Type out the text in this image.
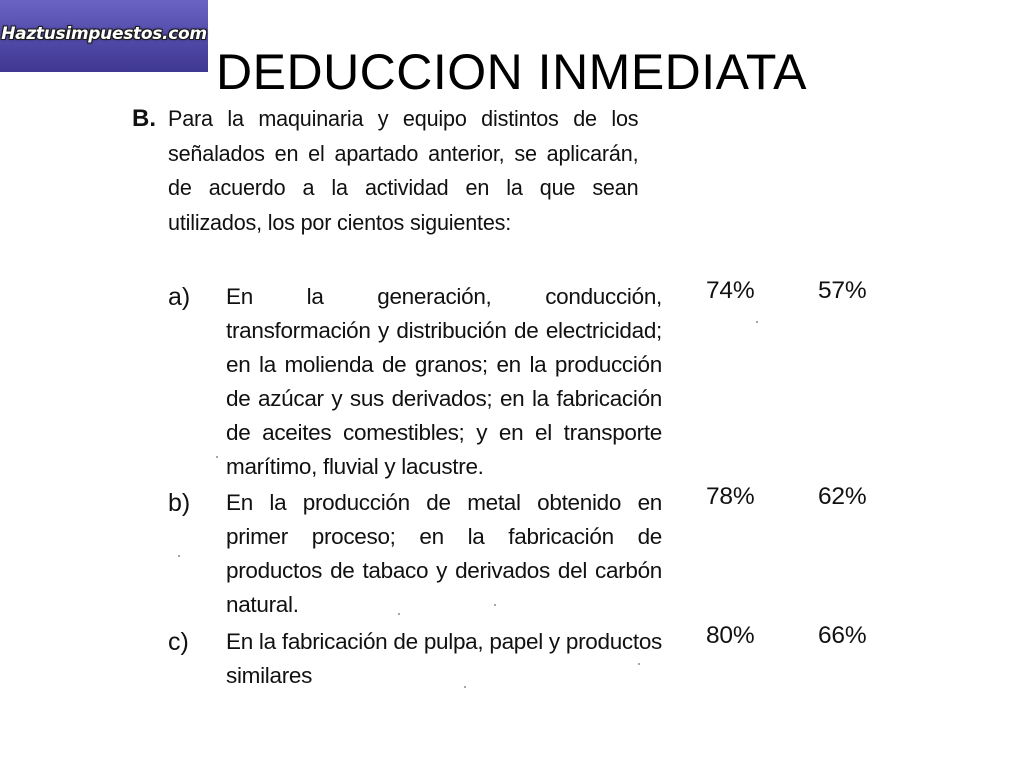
Haztusimpuestos.com
DEDUCCION INMEDIATA
B. Para la maquinaria y equipo distintos de los señalados en el apartado anterior, se aplicarán, de acuerdo a la actividad en la que sean utilizados, los por cientos siguientes:
a) En la generación, conducción, transformación y distribución de electricidad; en la molienda de granos; en la producción de azúcar y sus derivados; en la fabricación de aceites comestibles; y en el transporte marítimo, fluvial y lacustre.
74%	57%
b) En la producción de metal obtenido en primer proceso; en la fabricación de productos de tabaco y derivados del carbón natural.
78%	62%
c) En la fabricación de pulpa, papel y productos similares
80%	66%
